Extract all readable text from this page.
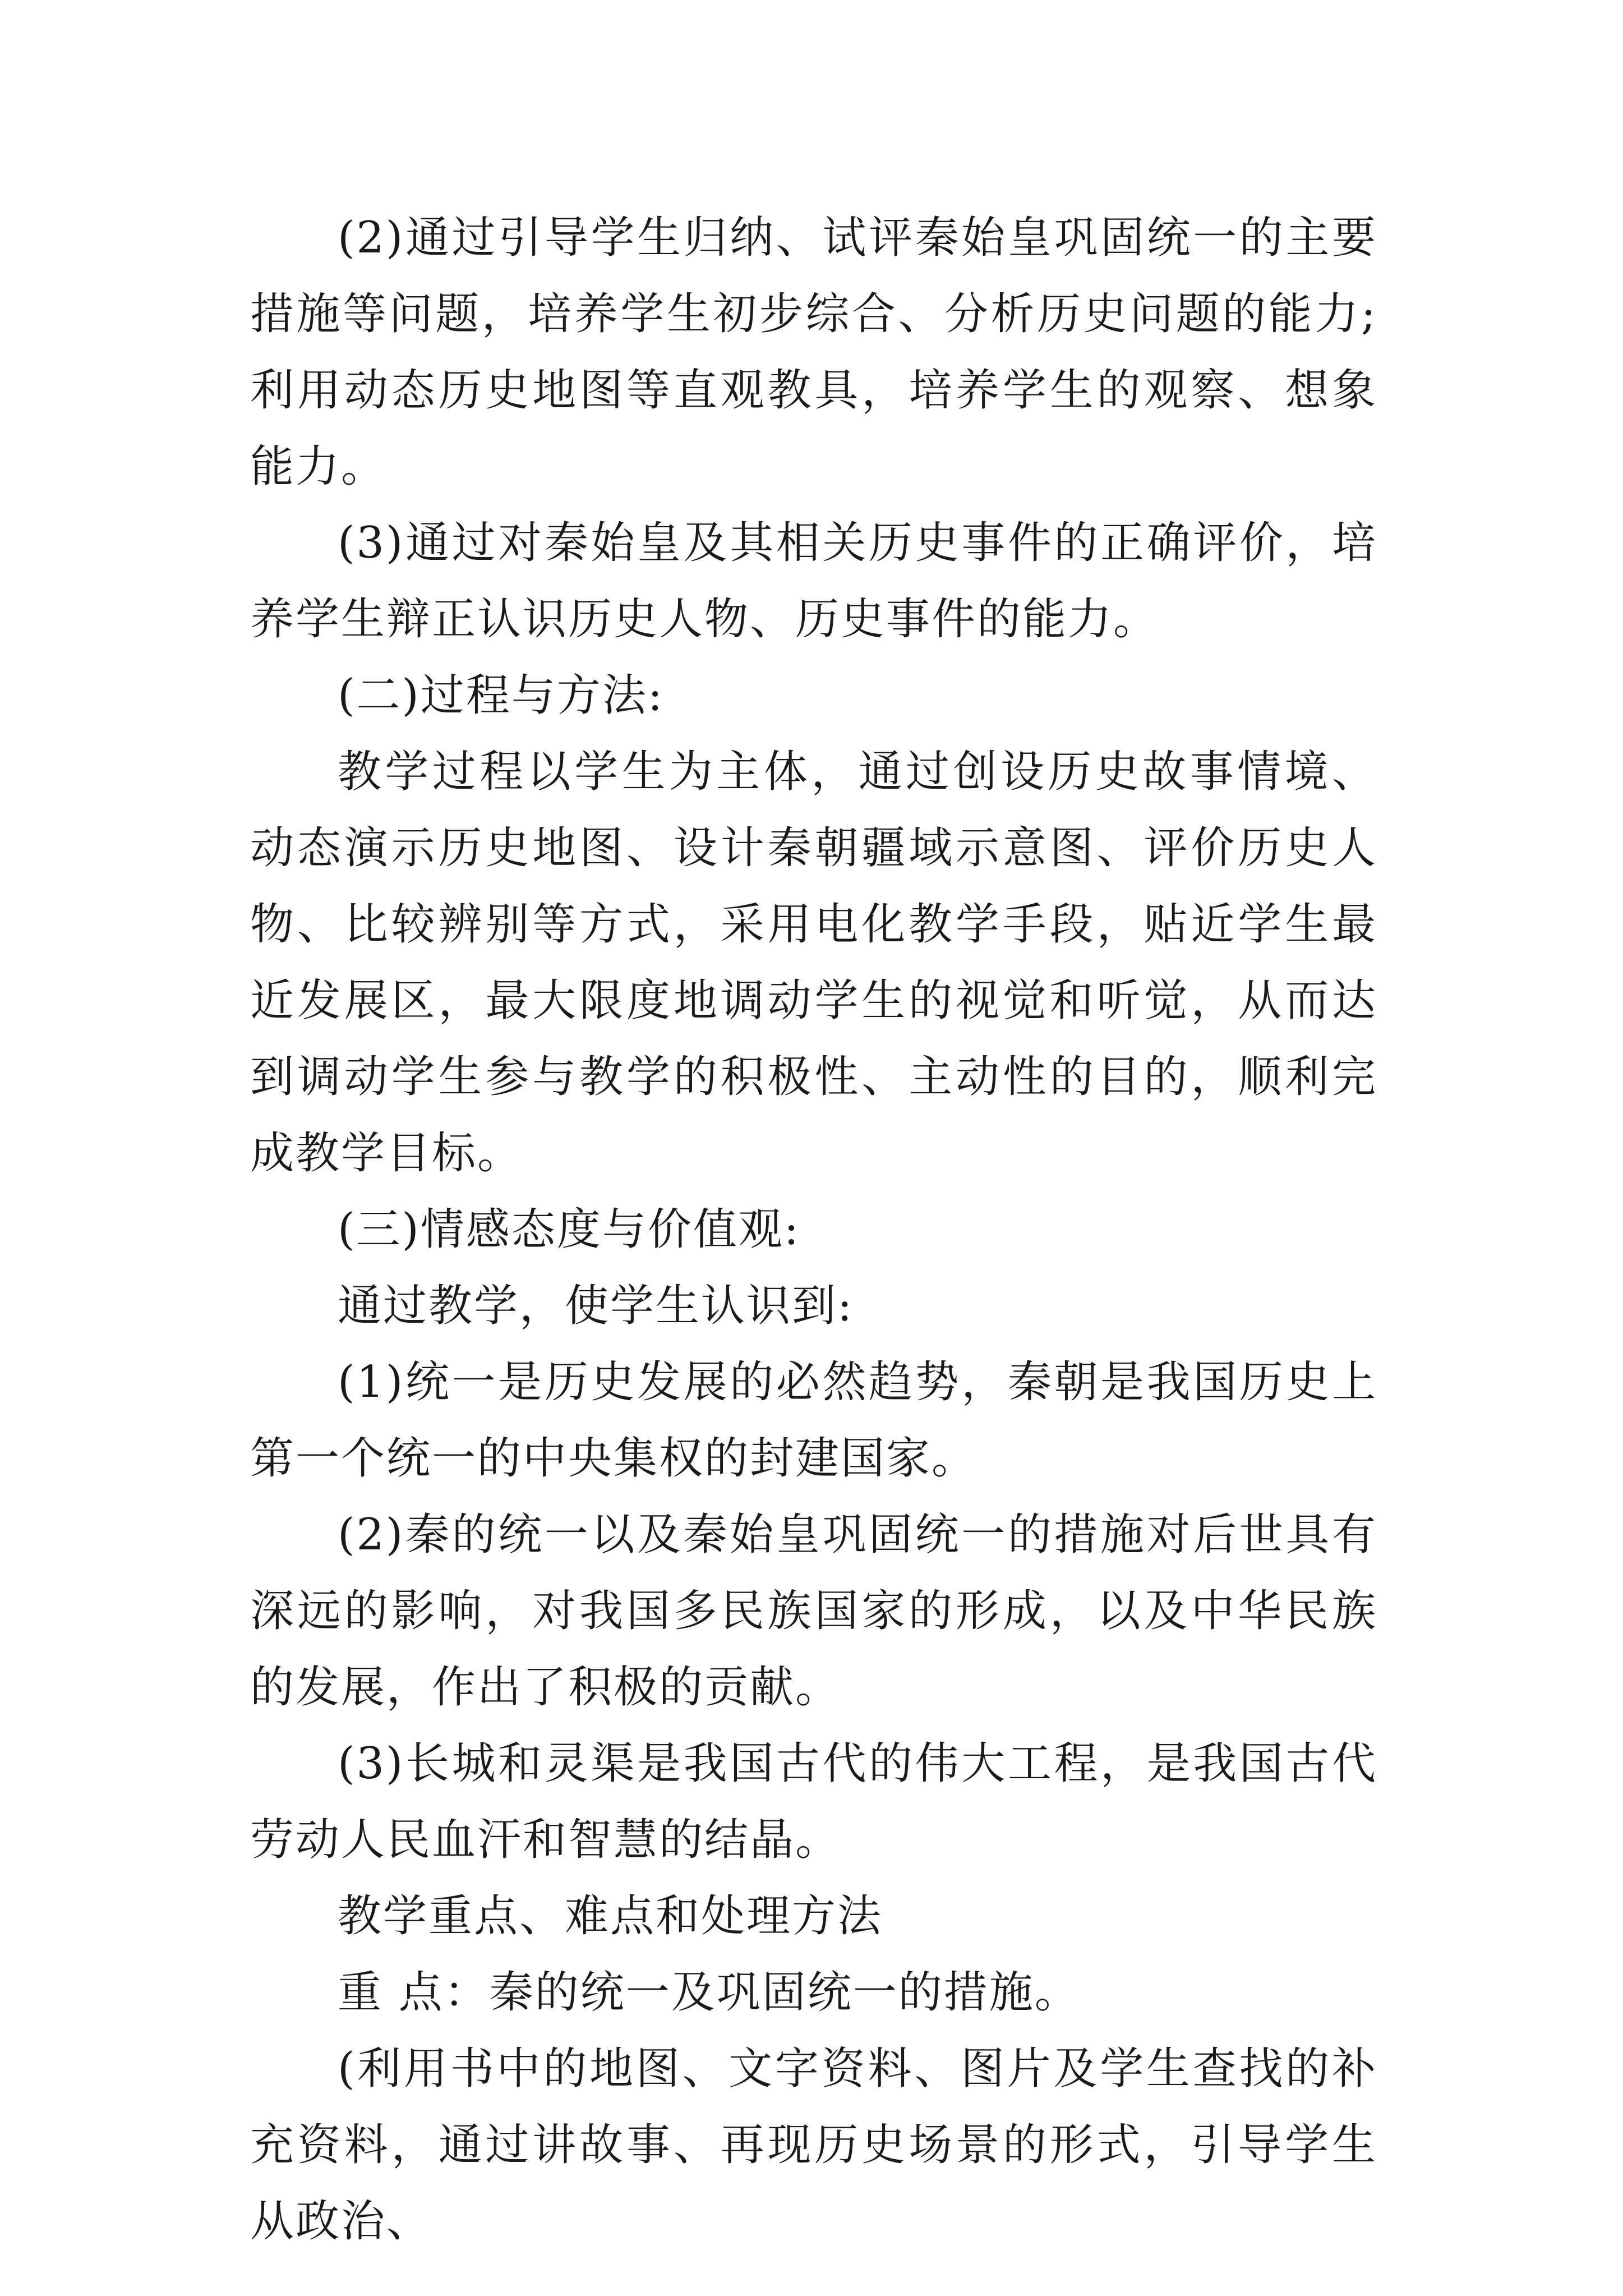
(2)通过引导学生归纳、试评秦始皇巩固统一的主要措施等问题，培养学生初步综合、分析历史问题的能力;利用动态历史地图等直观教具，培养学生的观察、想象能力。

(3)通过对秦始皇及其相关历史事件的正确评价，培养学生辩正认识历史人物、历史事件的能力。

(二)过程与方法:

教学过程以学生为主体，通过创设历史故事情境、动态演示历史地图、设计秦朝疆域示意图、评价历史人物、比较辨别等方式，采用电化教学手段，贴近学生最近发展区，最大限度地调动学生的视觉和听觉，从而达到调动学生参与教学的积极性、主动性的目的，顺利完成教学目标。

(三)情感态度与价值观:

通过教学，使学生认识到:

(1)统一是历史发展的必然趋势，秦朝是我国历史上第一个统一的中央集权的封建国家。

(2)秦的统一以及秦始皇巩固统一的措施对后世具有深远的影响，对我国多民族国家的形成，以及中华民族的发展，作出了积极的贡献。

(3)长城和灵渠是我国古代的伟大工程，是我国古代劳动人民血汗和智慧的结晶。

教学重点、难点和处理方法

重 点：秦的统一及巩固统一的措施。

(利用书中的地图、文字资料、图片及学生查找的补充资料，通过讲故事、再现历史场景的形式，引导学生从政治、
